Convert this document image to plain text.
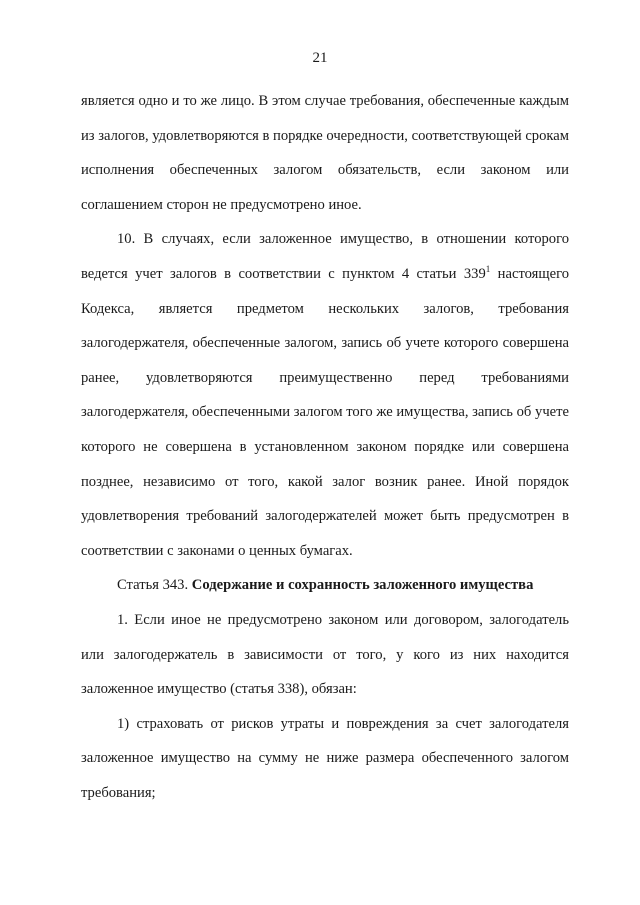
21

является одно и то же лицо. В этом случае требования, обеспеченные каждым из залогов, удовлетворяются в порядке очередности, соответствующей срокам исполнения обеспеченных залогом обязательств, если законом или соглашением сторон не предусмотрено иное.

10. В случаях, если заложенное имущество, в отношении которого ведется учет залогов в соответствии с пунктом 4 статьи $339^1$ настоящего Кодекса, является предметом нескольких залогов, требования залогодержателя, обеспеченные залогом, запись об учете которого совершена ранее, удовлетворяются преимущественно перед требованиями залогодержателя, обеспеченными залогом того же имущества, запись об учете которого не совершена в установленном законом порядке или совершена позднее, независимо от того, какой залог возник ранее. Иной порядок удовлетворения требований залогодержателей может быть предусмотрен в соответствии с законами о ценных бумагах.

Статья 343. Содержание и сохранность заложенного имущества

1. Если иное не предусмотрено законом или договором, залогодатель или залогодержатель в зависимости от того, у кого из них находится заложенное имущество (статья 338), обязан:

1) страховать от рисков утраты и повреждения за счет залогодателя заложенное имущество на сумму не ниже размера обеспеченного залогом требования;
